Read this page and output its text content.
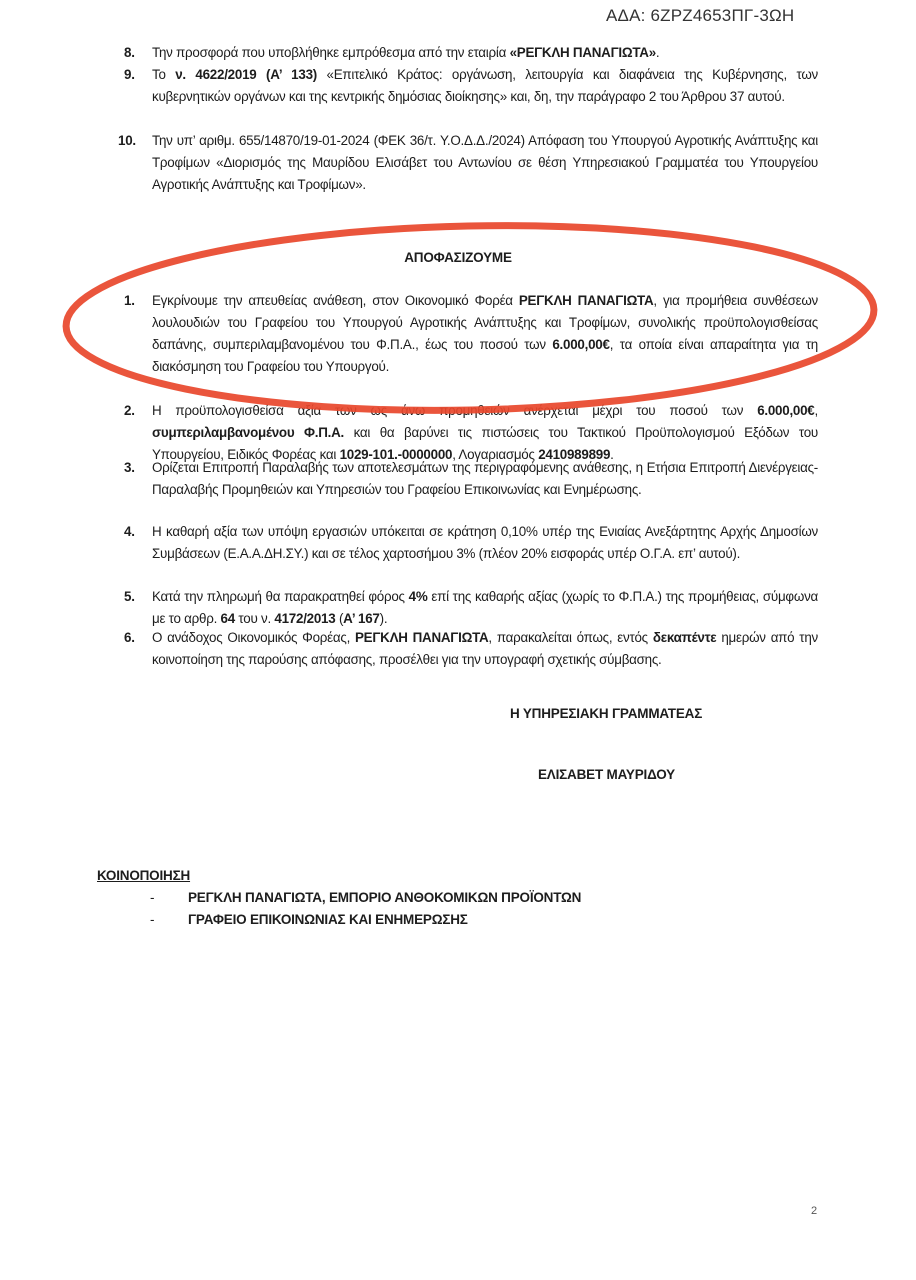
ΑΔΑ: 6ZPZ4653ΠΓ-3ΩΗ
8.	Την προσφορά που υποβλήθηκε εμπρόθεσμα από την εταιρία «ΡΕΓΚΛΗ ΠΑΝΑΓΙΩΤΑ».
9.	Το ν. 4622/2019 (Α’ 133) «Επιτελικό Κράτος: οργάνωση, λειτουργία και διαφάνεια της Κυβέρνησης, των κυβερνητικών οργάνων και της κεντρικής δημόσιας διοίκησης» και, δη, την παράγραφο 2 του Άρθρου 37 αυτού.
10.	Την υπ’ αριθμ. 655/14870/19-01-2024 (ΦΕΚ 36/τ. Υ.Ο.Δ.Δ./2024) Απόφαση του Υπουργού Αγροτικής Ανάπτυξης και Τροφίμων «Διορισμός της Μαυρίδου Ελισάβετ του Αντωνίου σε θέση Υπηρεσιακού Γραμματέα του Υπουργείου Αγροτικής Ανάπτυξης και Τροφίμων».
ΑΠΟΦΑΣΙΖΟΥΜΕ
1.	Εγκρίνουμε την απευθείας ανάθεση, στον Οικονομικό Φορέα ΡΕΓΚΛΗ ΠΑΝΑΓΙΩΤΑ, για προμήθεια συνθέσεων λουλουδιών του Γραφείου του Υπουργού Αγροτικής Ανάπτυξης και Τροφίμων, συνολικής προϋπολογισθείσας δαπάνης, συμπεριλαμβανομένου του Φ.Π.Α., έως του ποσού των 6.000,00€, τα οποία είναι απαραίτητα για τη διακόσμηση του Γραφείου του Υπουργού.
2.	Η προϋπολογισθείσα αξία των ως άνω προμηθειών ανέρχεται μέχρι του ποσού των 6.000,00€, συμπεριλαμβανομένου Φ.Π.Α. και θα βαρύνει τις πιστώσεις του Τακτικού Προϋπολογισμού Εξόδων του Υπουργείου, Ειδικός Φορέας και 1029-101.-0000000, Λογαριασμός 2410989899.
3.	Ορίζεται Επιτροπή Παραλαβής των αποτελεσμάτων της περιγραφόμενης ανάθεσης, η Ετήσια Επιτροπή Διενέργειας- Παραλαβής Προμηθειών και Υπηρεσιών του Γραφείου Επικοινωνίας και Ενημέρωσης.
4.	Η καθαρή αξία των υπόψη εργασιών υπόκειται σε κράτηση 0,10% υπέρ της Ενιαίας Ανεξάρτητης Αρχής Δημοσίων Συμβάσεων (Ε.Α.Α.ΔΗ.ΣΥ.) και σε τέλος χαρτοσήμου 3% (πλέον 20% εισφοράς υπέρ Ο.Γ.Α. επ’ αυτού).
5.	Κατά την πληρωμή θα παρακρατηθεί φόρος 4% επί της καθαρής αξίας (χωρίς το Φ.Π.Α.) της προμήθειας, σύμφωνα με το αρθρ. 64 του ν. 4172/2013 (Α’ 167).
6.	Ο ανάδοχος Οικονομικός Φορέας, ΡΕΓΚΛΗ ΠΑΝΑΓΙΩΤΑ, παρακαλείται όπως, εντός δεκαπέντε ημερών από την κοινοποίηση της παρούσης απόφασης, προσέλθει για την υπογραφή σχετικής σύμβασης.
Η ΥΠΗΡΕΣΙΑΚΗ ΓΡΑΜΜΑΤΕΑΣ
ΕΛΙΣΑΒΕΤ ΜΑΥΡΙΔΟΥ
ΚΟΙΝΟΠΟΙΗΣΗ
- ΡΕΓΚΛΗ ΠΑΝΑΓΙΩΤΑ, ΕΜΠΟΡΙΟ ΑΝΘΟΚΟΜΙΚΩΝ ΠΡΟΪΟΝΤΩΝ
- ΓΡΑΦΕΙΟ ΕΠΙΚΟΙΝΩΝΙΑΣ ΚΑΙ ΕΝΗΜΕΡΩΣΗΣ
2
